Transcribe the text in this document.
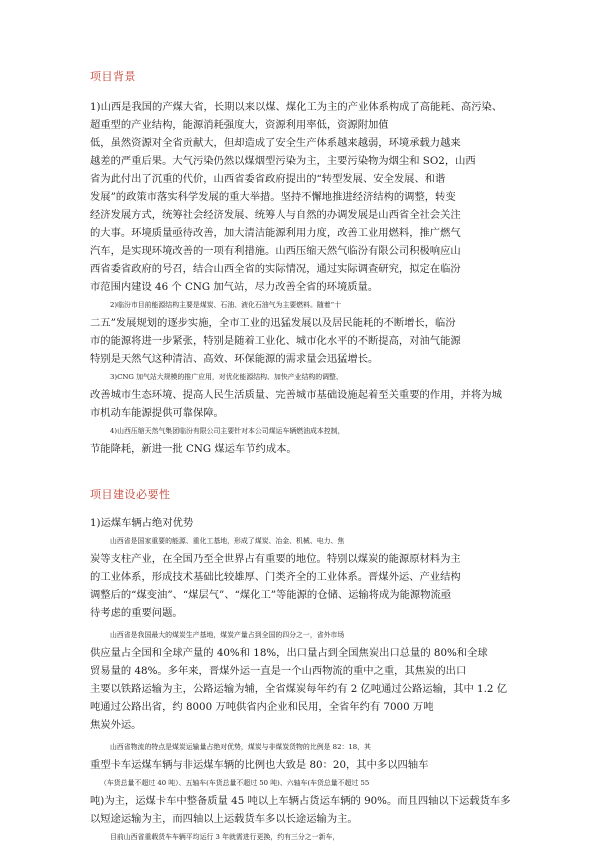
项目背景
1)山西是我国的产煤大省，长期以来以煤、煤化工为主的产业体系构成了高能耗、高污染、
超重型的产业结构，能源消耗强度大，资源利用率低，资源附加值
低，虽然资源对全省贡献大，但却造成了安全生产体系越来越弱，环境承载力越来
越差的严重后果。大气污染仍然以煤烟型污染为主，主要污染物为烟尘和 SO2，山西
省为此付出了沉重的代价，山西省委省政府提出的“转型发展、安全发展、和谐
发展”的政策市落实科学发展的重大举措。坚持不懈地推进经济结构的调整，转变
经济发展方式，统筹社会经济发展、统筹人与自然的办调发展是山西省全社会关注
的大事。环境质量亟待改善，加大清洁能源利用力度，改善工业用燃料，推广燃气
汽车，是实现环境改善的一项有利措施。山西压缩天然气临汾有限公司积极响应山
西省委省政府的号召，结合山西全省的实际情况，通过实际调查研究，拟定在临汾
市范围内建设 46 个 CNG 加气站，尽力改善全省的环境质量。
2)临汾市目前能源结构主要是煤炭、石油、液化石油气为主要燃料。随着“十
二五”发展规划的逐步实施，全市工业的迅猛发展以及居民能耗的不断增长，临汾
市的能源将进一步紧张，特别是随着工业化、城市化水平的不断提高，对油气能源
特别是天然气这种清洁、高效、环保能源的需求量会迅猛增长。
3)CNG 加气站大规模的推广应用，对优化能源结构、加快产业结构的调整、
改善城市生态环境、提高人民生活质量、完善城市基础设施起着至关重要的作用，并将为城
市机动车能源提供可靠保障。
4)山西压缩天然气集团临汾有限公司主要针对本公司煤运车辆燃油成本控制，
节能降耗，新进一批 CNG 煤运车节约成本。
项目建设必要性
1)运煤车辆占绝对优势
山西省是国家重要的能源、重化工基地，形成了煤炭、冶金、机械、电力、焦
炭等支柱产业，在全国乃至全世界占有重要的地位。特别以煤炭的能源原材料为主
的工业体系，形成技术基础比较雄厚、门类齐全的工业体系。晋煤外运、产业结构
调整后的“煤变油”、“煤层气”、“煤化工”等能源的仓储、运输将成为能源物流亟
待考虑的重要问题。
山西省是我国最大的煤炭生产基地，煤炭产量占到全国的四分之一，省外市场
供应量占全国和全球产量的 40%和 18%，出口量占到全国焦炭出口总量的 80%和全球
贸易量的 48%。多年来，晋煤外运一直是一个山西物流的重中之重，其焦炭的出口
主要以铁路运输为主，公路运输为辅，全省煤炭每年约有 2 亿吨通过公路运输，其中 1.2 亿
吨通过公路出省，约 8000 万吨供省内企业和民用，全省年约有 7000 万吨
焦炭外运。
山西省物流的特点是煤炭运输量占绝对优势，煤炭与非煤炭货物的比例是 82：18，其
重型卡车运煤车辆与非运煤车辆的比例也大致是 80：20，其中多以四轴车
（车货总量不超过 40 吨）、五轴车(车货总量不超过 50 吨)、六轴车(车货总量不超过 55
吨)为主，运煤卡车中整备质量 45 吨以上车辆占货运车辆的 90%。而且四轴以下运载货车多
以短途运输为主，而四轴以上运载货车多以长途运输为主。
目前山西省重载货车车辆平均运行 3 年就需进行更换，约有三分之一新车，
